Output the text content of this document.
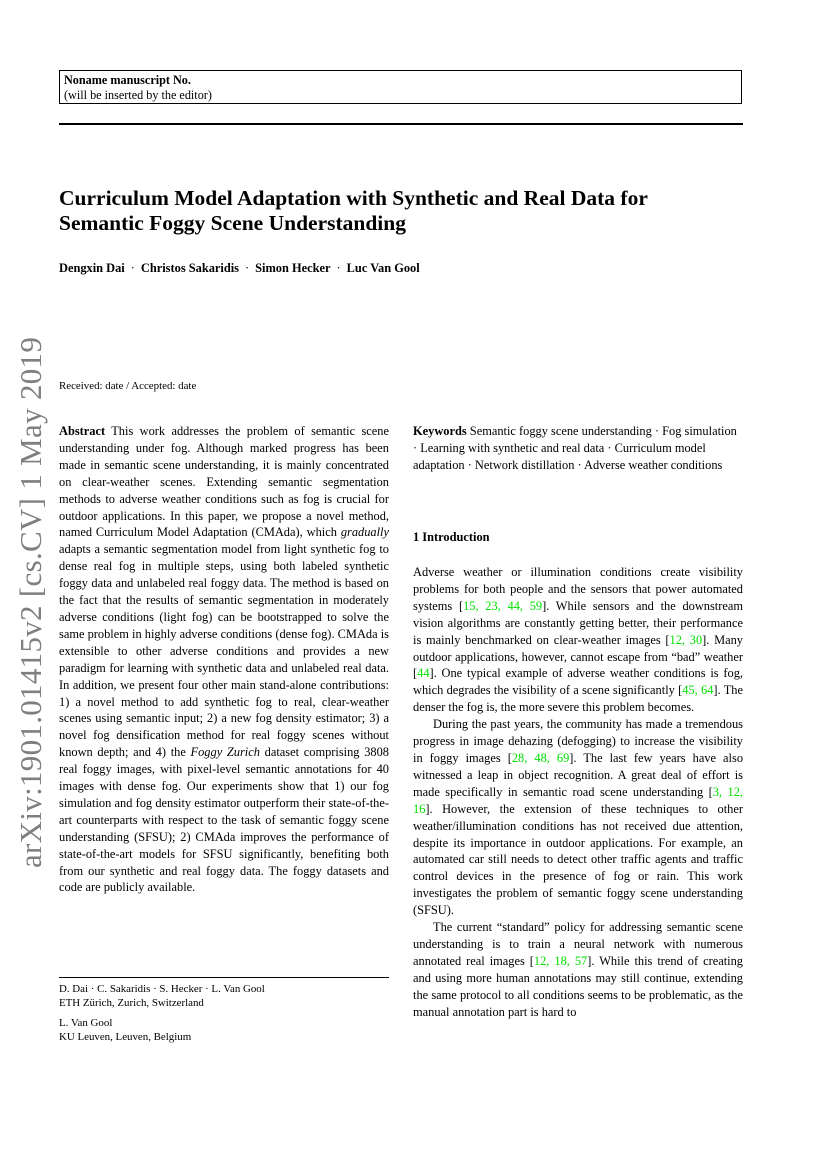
Noname manuscript No.
(will be inserted by the editor)
Curriculum Model Adaptation with Synthetic and Real Data for
Semantic Foggy Scene Understanding
Dengxin Dai · Christos Sakaridis · Simon Hecker · Luc Van Gool
arXiv:1901.01415v2 [cs.CV] 1 May 2019 Received: date / Accepted: date

Abstract This work addresses the problem of semantic scene understanding under fog. Although marked progress has been made in semantic scene understanding, it is mainly concentrated on clear-weather scenes. Extending semantic segmentation methods to adverse weather conditions such as fog is crucial for outdoor applications. In this paper, we propose a novel method, named Curriculum Model Adaptation (CMAda), which gradually adapts a semantic segmentation model from light synthetic fog to dense real fog in multiple steps, using both labeled synthetic foggy data and unlabeled real foggy data. The method is based on the fact that the results of semantic segmentation in moderately adverse conditions (light fog) can be bootstrapped to solve the same problem in highly adverse conditions (dense fog). CMAda is extensible to other adverse conditions and provides a new paradigm for learning with synthetic data and unlabeled real data. In addition, we present four other main stand-alone contributions: 1) a novel method to add synthetic fog to real, clear-weather scenes using semantic input; 2) a new fog density estimator; 3) a novel fog densification method for real foggy scenes without known depth; and 4) the Foggy Zurich dataset comprising 3808 real foggy images, with pixel-level semantic annotations for 40 images with dense fog. Our experiments show that 1) our fog simulation and fog density estimator outperform their state-of-the-art counterparts with respect to the task of semantic foggy scene understanding (SFSU); 2) CMAda improves the performance of state-of-the-art models for SFSU significantly, benefiting both from our synthetic and real foggy data. The foggy datasets and code are publicly available.

Keywords Semantic foggy scene understanding · Fog simulation · Learning with synthetic and real data · Curriculum model adaptation · Network distillation · Adverse weather conditions

1 Introduction

Adverse weather or illumination conditions create visibility problems for both people and the sensors that power automated systems [15, 23, 44, 59]. While sensors and the downstream vision algorithms are constantly getting better, their performance is mainly benchmarked on clear-weather images [12, 30]. Many outdoor applications, however, cannot escape from “bad” weather [44]. One typical example of adverse weather conditions is fog, which degrades the visibility of a scene significantly [45, 64]. The denser the fog is, the more severe this problem becomes.

During the past years, the community has made a tremendous progress in image dehazing (defogging) to increase the visibility in foggy images [28, 48, 69]. The last few years have also witnessed a leap in object recognition. A great deal of effort is made specifically in semantic road scene understanding [3, 12, 16]. However, the extension of these techniques to other weather/illumination conditions has not received due attention, despite its importance in outdoor applications. For example, an automated car still needs to detect other traffic agents and traffic control devices in the presence of fog or rain. This work investigates the problem of semantic foggy scene understanding (SFSU).

The current “standard” policy for addressing semantic scene understanding is to train a neural network with numerous annotated real images [12, 18, 57]. While this trend of creating and using more human annotations may still continue, extending the same protocol to all conditions seems to be problematic, as the manual annotation part is hard to

D. Dai · C. Sakaridis · S. Hecker · L. Van Gool
ETH Zürich, Zurich, Switzerland
L. Van Gool
KU Leuven, Leuven, Belgium
